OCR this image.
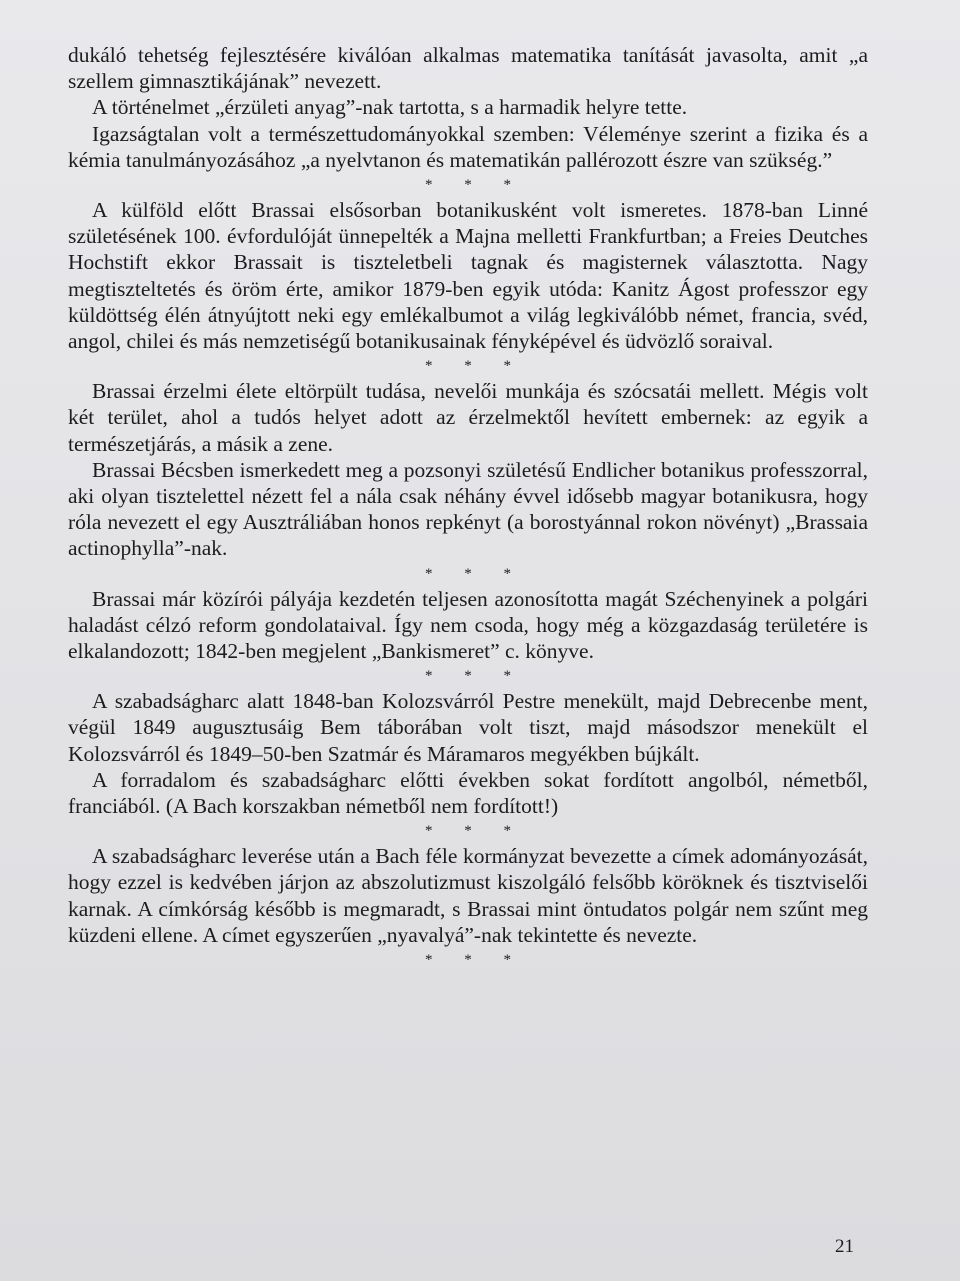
dukáló tehetség fejlesztésére kiválóan alkalmas matematika tanítását javasolta, amit „a szellem gimnasztikájának” nevezett.

A történelmet „érzületi anyag”-nak tartotta, s a harmadik helyre tette.

Igazságtalan volt a természettudományokkal szemben: Véleménye szerint a fizika és a kémia tanulmányozásához „a nyelvtanon és matematikán pallérozott észre van szükség.”

* * *

A külföld előtt Brassai elsősorban botanikusként volt ismeretes. 1878-ban Linné születésének 100. évfordulóját ünnepelték a Majna melletti Frankfurtban; a Freies Deutches Hochstift ekkor Brassait is tiszteletbeli tagnak és magisternek választotta. Nagy megtiszteltetés és öröm érte, amikor 1879-ben egyik utóda: Kanitz Ágost professzor egy küldöttség élén átnyújtott neki egy emlékalbumot a világ legkiválóbb német, francia, svéd, angol, chilei és más nemzetiségű botanikusainak fényképével és üdvözlő soraival.

* * *

Brassai érzelmi élete eltörpült tudása, nevelői munkája és szócsatái mellett. Mégis volt két terület, ahol a tudós helyet adott az érzelmektől hevített embernek: az egyik a természetjárás, a másik a zene.

Brassai Bécsben ismerkedett meg a pozsonyi születésű Endlicher botanikus professzorral, aki olyan tisztelettel nézett fel a nála csak néhány évvel idősebb magyar botanikusra, hogy róla nevezett el egy Ausztráliában honos repkényt (a borostyánnal rokon növényt) „Brassaia actinophylla”-nak.

* * *

Brassai már közírói pályája kezdetén teljesen azonosította magát Széchenyinek a polgári haladást célzó reform gondolataival. Így nem csoda, hogy még a közgazdaság területére is elkalandozott; 1842-ben megjelent „Bankismeret” c. könyve.

* * *

A szabadságharc alatt 1848-ban Kolozsvárról Pestre menekült, majd Debrecenbe ment, végül 1849 augusztusáig Bem táborában volt tiszt, majd másodszor menekült el Kolozsvárról és 1849–50-ben Szatmár és Máramaros megyékben bújkált.

A forradalom és szabadságharc előtti években sokat fordított angolból, németből, franciából. (A Bach korszakban németből nem fordított!)

* * *

A szabadságharc leverése után a Bach féle kormányzat bevezette a címek adományozását, hogy ezzel is kedvében járjon az abszolutizmust kiszolgáló felsőbb köröknek és tisztviselői karnak. A címkórság később is megmaradt, s Brassai mint öntudatos polgár nem szűnt meg küzdeni ellene. A címet egyszerűen „nyavalyá”-nak tekintette és nevezte.

* * *
21
